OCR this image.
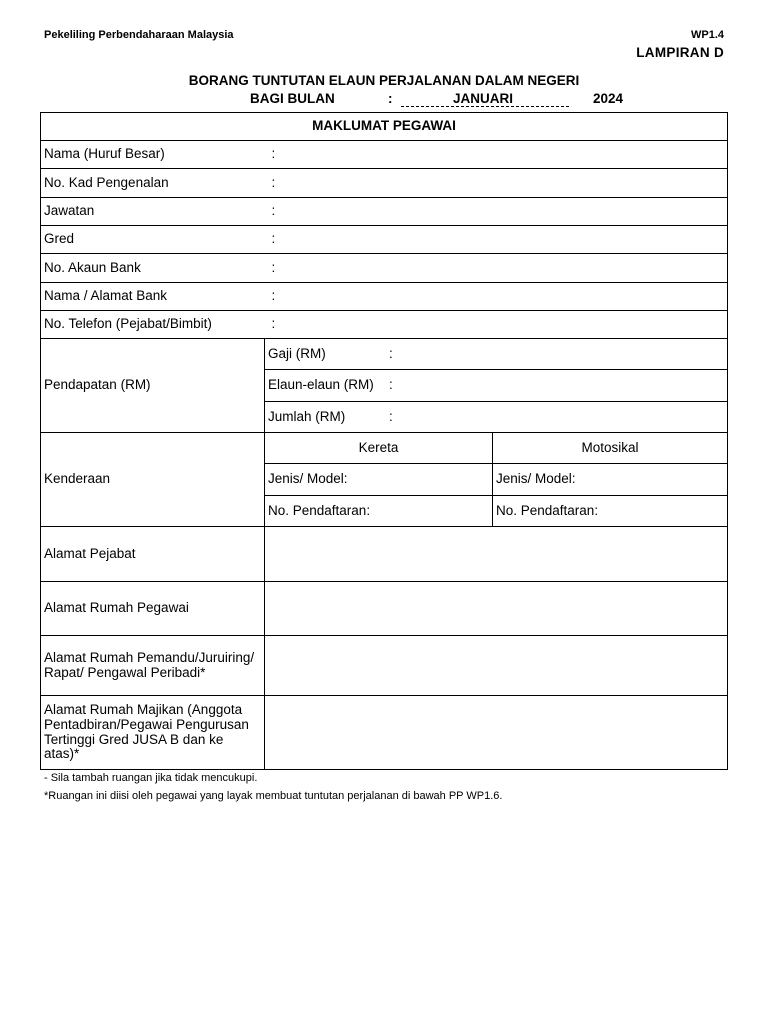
Pekeliling Perbendaharaan Malaysia	WP1.4
LAMPIRAN D
BORANG TUNTUTAN ELAUN PERJALANAN DALAM NEGERI
BAGI BULAN	:	JANUARI	2024
MAKLUMAT PEGAWAI		
Nama (Huruf Besar)	:	
No. Kad Pengenalan	:	
Jawatan	:	
Gred	:	
No. Akaun Bank	:	
Nama / Alamat Bank	:	
No. Telefon (Pejabat/Bimbit)	:	
Pendapatan (RM)	Gaji (RM) :	
	Elaun-elaun (RM) :	
	Jumlah (RM) :	
Kenderaan	Kereta	Motosikal
	Jenis/ Model:	Jenis/ Model:
	No. Pendaftaran:	No. Pendaftaran:
Alamat Pejabat		
Alamat Rumah Pegawai		
Alamat Rumah Pemandu/Juruiring/ Rapat/ Pengawal Peribadi*		
Alamat Rumah Majikan (Anggota Pentadbiran/Pegawai Pengurusan Tertinggi Gred JUSA B dan ke atas)*		
- Sila tambah ruangan jika tidak mencukupi.
*Ruangan ini diisi oleh pegawai yang layak membuat tuntutan perjalanan di bawah PP WP1.6.
